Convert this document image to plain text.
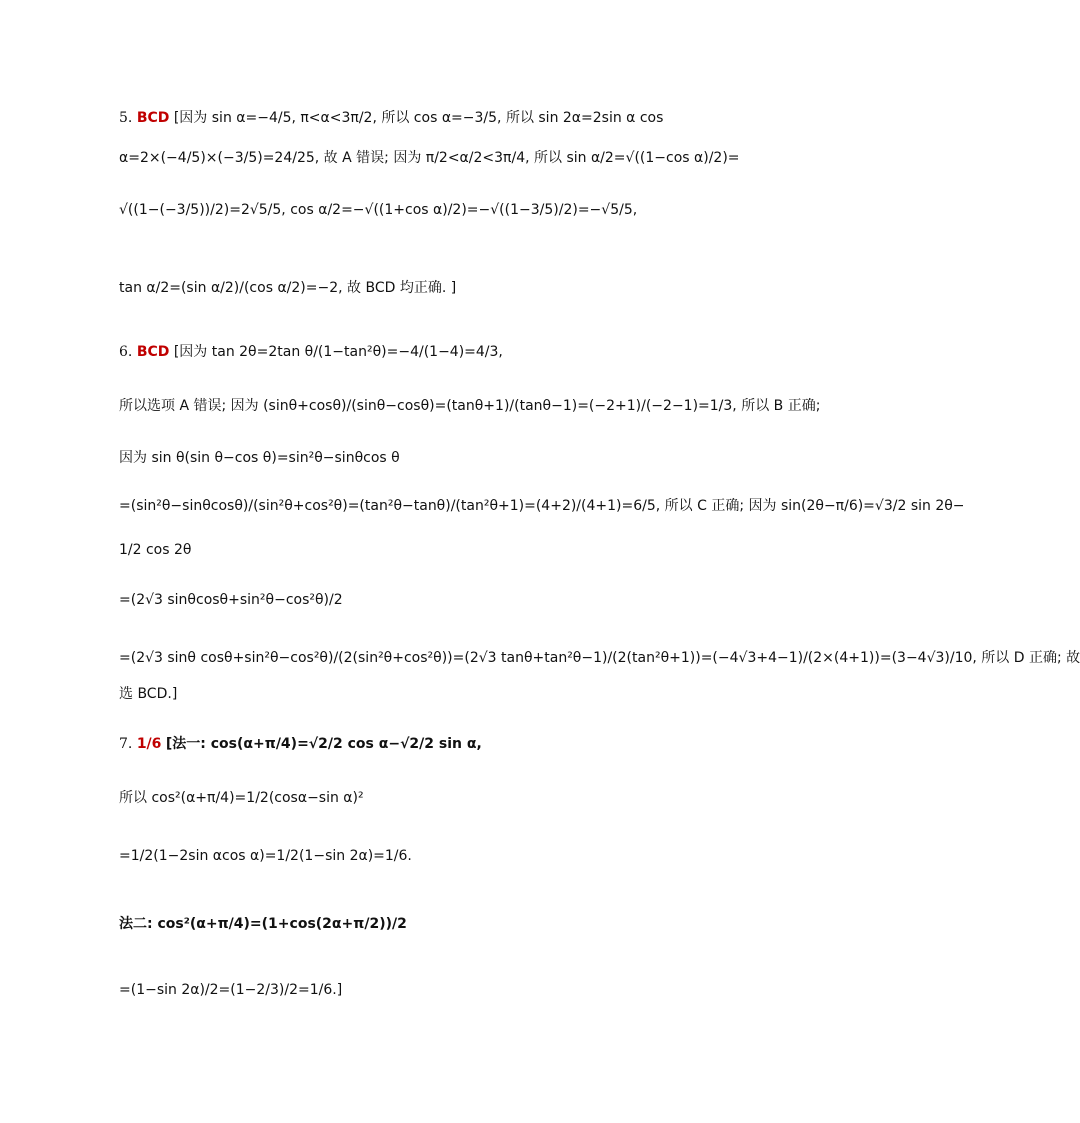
5. BCD [因为 sin α=−4/5, π<α<3π/2, 所以 cos α=−3/5, 所以 sin 2α=2sin α cos
α=2×(−4/5)×(−3/5)=24/25, 故 A 错误; 因为 π/2<α/2<3π/4, 所以 sin α/2=√((1−cos α)/2)=
√((1−(−3/5))/2)=2√5/5, cos α/2=−√((1+cos α)/2)=−√((1−3/5)/2)=−√5/5,
tan α/2=(sin α/2)/(cos α/2)=−2, 故 BCD 均正确. ]
6. BCD [因为 tan 2θ=2tan θ/(1−tan²θ)=−4/(1−4)=4/3,
所以选项 A 错误; 因为 (sinθ+cosθ)/(sinθ−cosθ)=(tanθ+1)/(tanθ−1)=(−2+1)/(−2−1)=1/3, 所以 B 正确;
因为 sin θ(sin θ−cos θ)=sin²θ−sinθcos θ
=(sin²θ−sinθcosθ)/(sin²θ+cos²θ)=(tan²θ−tanθ)/(tan²θ+1)=(4+2)/(4+1)=6/5, 所以 C 正确; 因为 sin(2θ−π/6)=√3/2 sin 2θ−
1/2 cos 2θ
=(2√3 sinθcosθ+sin²θ−cos²θ)/2
=(2√3 sinθ cosθ+sin²θ−cos²θ)/(2(sin²θ+cos²θ))=(2√3 tanθ+tan²θ−1)/(2(tan²θ+1))=(−4√3+4−1)/(2×(4+1))=(3−4√3)/10, 所以 D 正确; 故
选 BCD.]
7. 1/6 [法一: cos(α+π/4)=√2/2 cos α−√2/2 sin α,
所以 cos²(α+π/4)=1/2(cosα−sin α)²
=1/2(1−2sin αcos α)=1/2(1−sin 2α)=1/6.
法二: cos²(α+π/4)=(1+cos(2α+π/2))/2
=(1−sin 2α)/2=(1−2/3)/2=1/6.]
